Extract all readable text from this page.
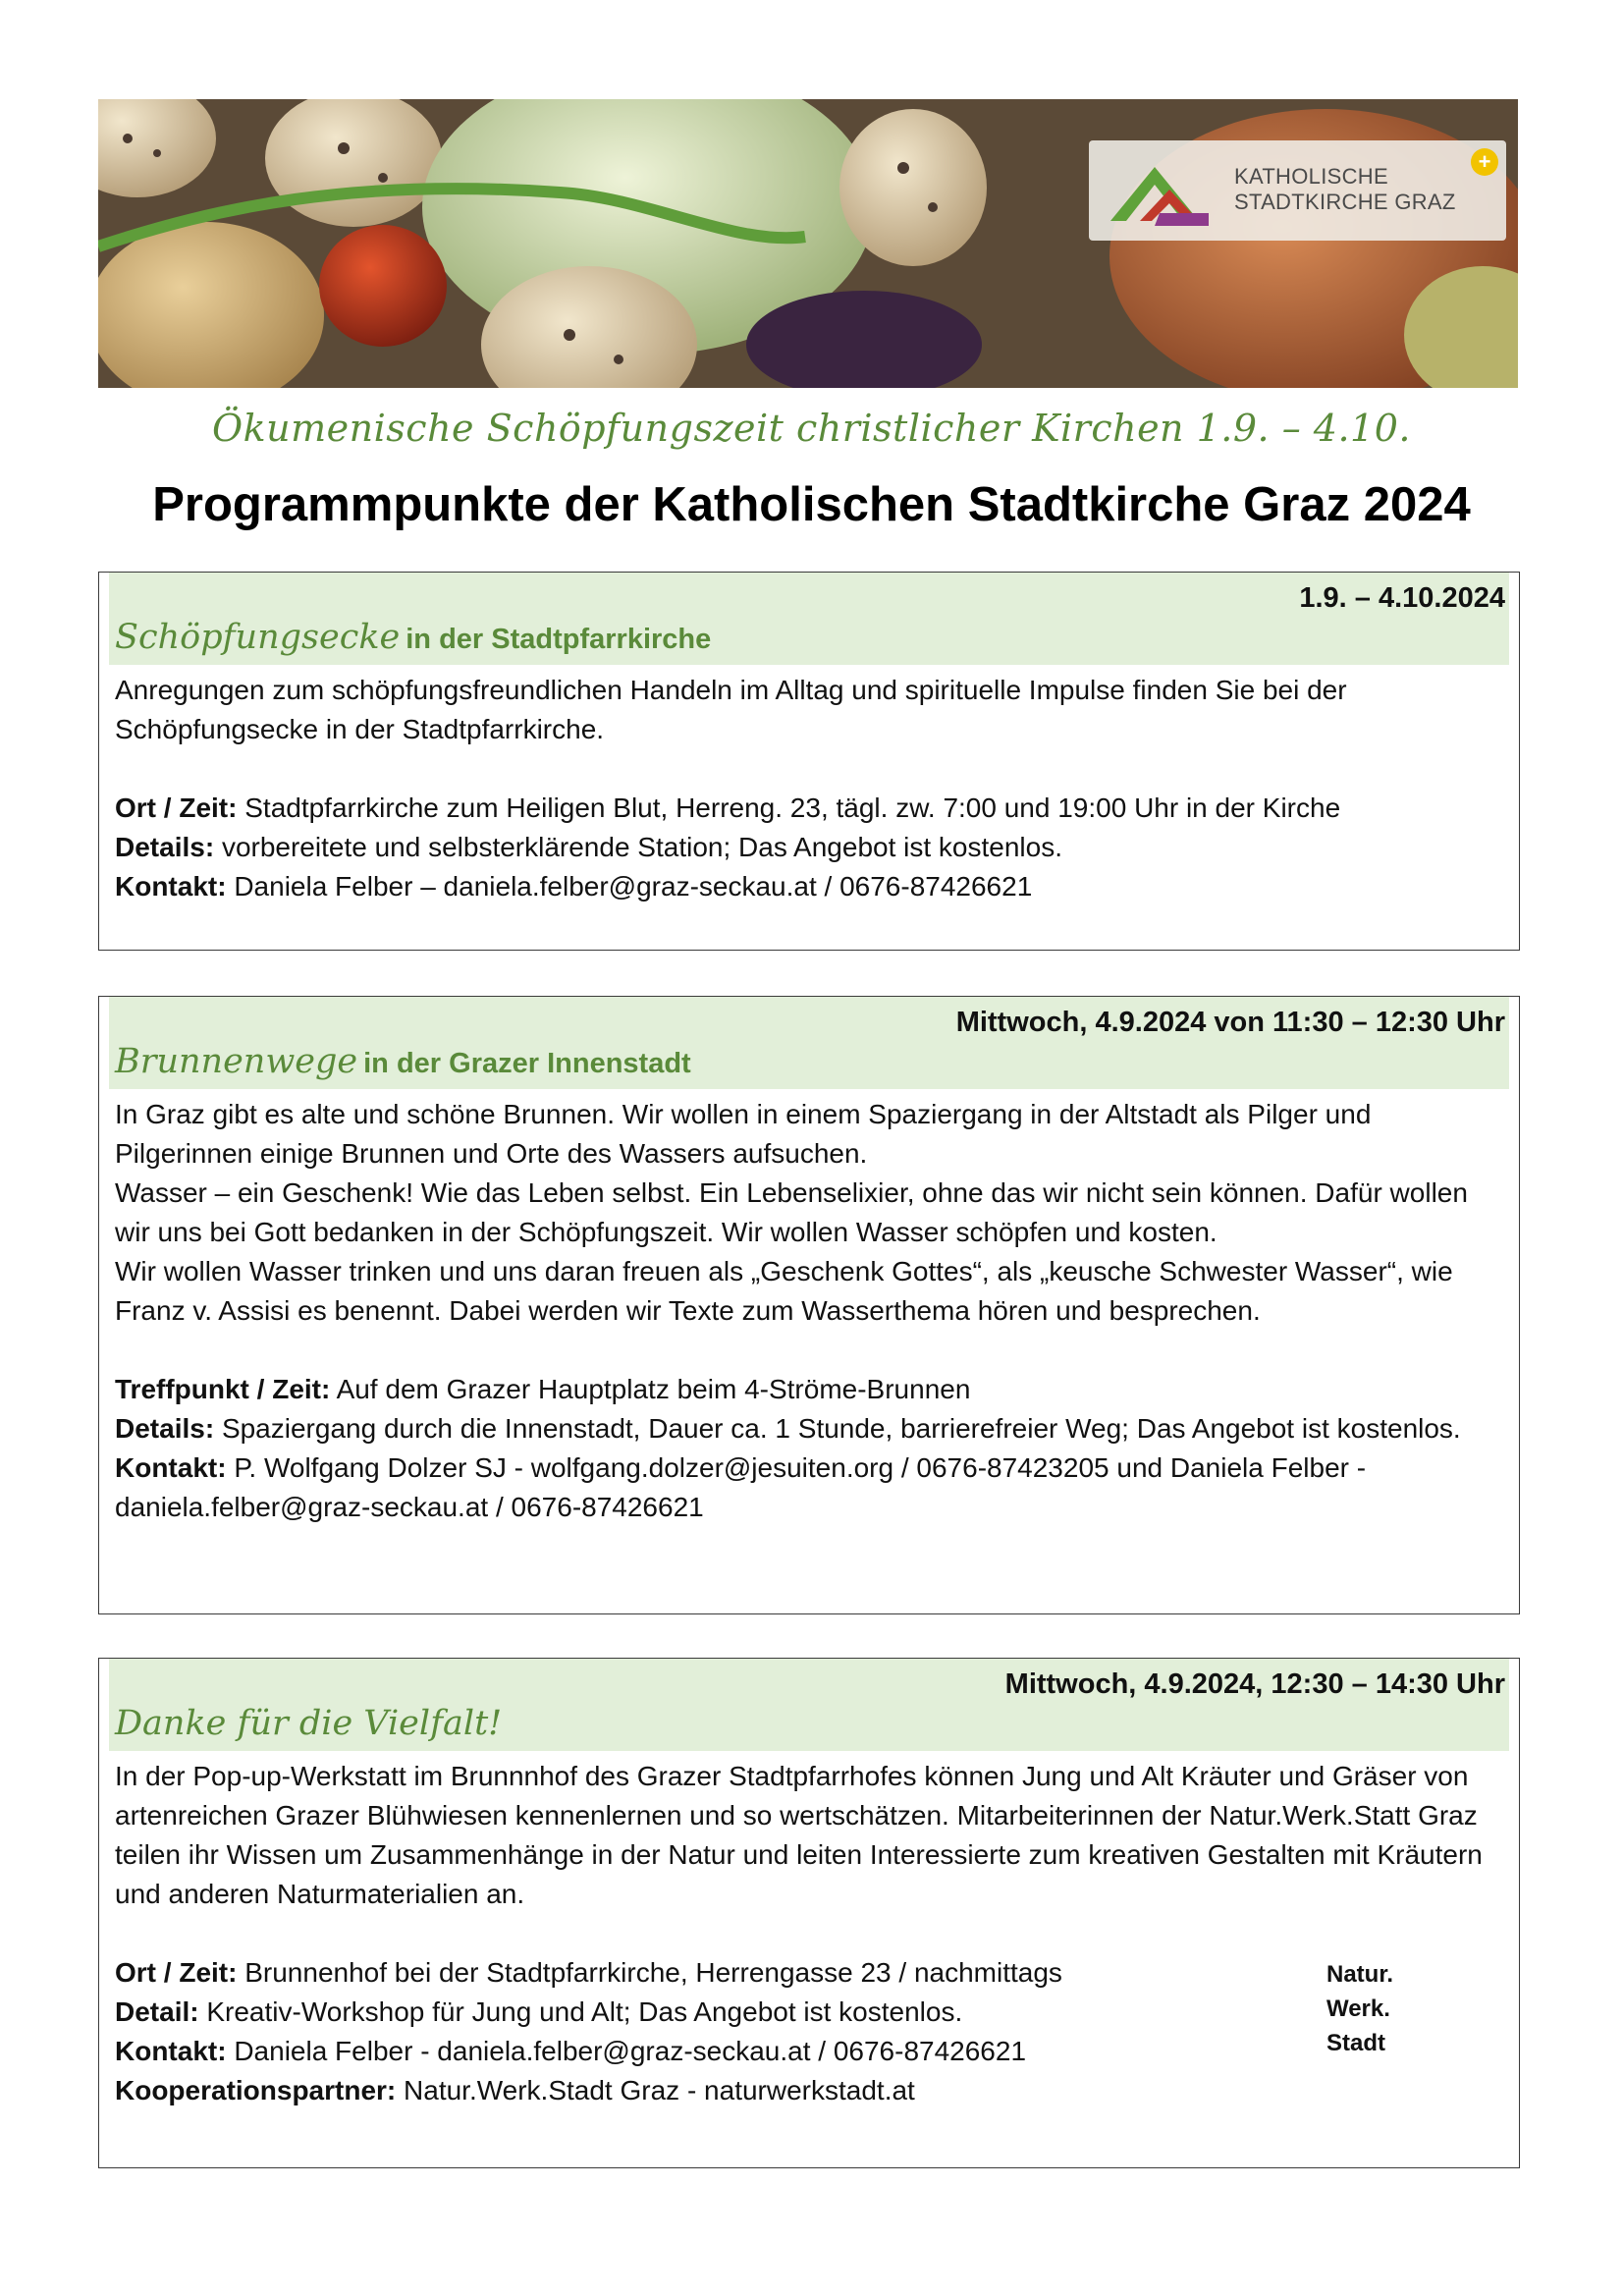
KATHOLISCHE
STADTKIRCHE GRAZ
+
Ökumenische Schöpfungszeit christlicher Kirchen 1.9. – 4.10.
Programmpunkte der Katholischen Stadtkirche Graz 2024
1.9. – 4.10.2024
Schöpfungsecke in der Stadtpfarrkirche

Anregungen zum schöpfungsfreundlichen Handeln im Alltag und spirituelle Impulse finden Sie bei der Schöpfungsecke in der Stadtpfarrkirche.

Ort / Zeit: Stadtpfarrkirche zum Heiligen Blut, Herreng. 23, tägl. zw. 7:00 und 19:00 Uhr in der Kirche

Details: vorbereitete und selbsterklärende Station; Das Angebot ist kostenlos.

Kontakt: Daniela Felber – daniela.felber@graz-seckau.at / 0676-87426621

Mittwoch, 4.9.2024 von 11:30 – 12:30 Uhr
Brunnenwege in der Grazer Innenstadt

In Graz gibt es alte und schöne Brunnen. Wir wollen in einem Spaziergang in der Altstadt als Pilger und Pilgerinnen einige Brunnen und Orte des Wassers aufsuchen.

Wasser – ein Geschenk! Wie das Leben selbst. Ein Lebenselixier, ohne das wir nicht sein können. Dafür wollen wir uns bei Gott bedanken in der Schöpfungszeit. Wir wollen Wasser schöpfen und kosten.

Wir wollen Wasser trinken und uns daran freuen als „Geschenk Gottes“, als „keusche Schwester Wasser“, wie Franz v. Assisi es benennt. Dabei werden wir Texte zum Wasserthema hören und besprechen.

Treffpunkt / Zeit: Auf dem Grazer Hauptplatz beim 4-Ströme-Brunnen

Details: Spaziergang durch die Innenstadt, Dauer ca. 1 Stunde, barrierefreier Weg; Das Angebot ist kostenlos.

Kontakt: P. Wolfgang Dolzer SJ - wolfgang.dolzer@jesuiten.org / 0676-87423205 und Daniela Felber - daniela.felber@graz-seckau.at / 0676-87426621

Mittwoch, 4.9.2024, 12:30 – 14:30 Uhr
Danke für die Vielfalt!

In der Pop-up-Werkstatt im Brunnnhof des Grazer Stadtpfarrhofes können Jung und Alt Kräuter und Gräser von artenreichen Grazer Blühwiesen kennenlernen und so wertschätzen. Mitarbeiterinnen der Natur.Werk.Statt Graz teilen ihr Wissen um Zusammenhänge in der Natur und leiten Interessierte zum kreativen Gestalten mit Kräutern und anderen Naturmaterialien an.

Ort / Zeit: Brunnenhof bei der Stadtpfarrkirche, Herrengasse 23 / nachmittags

Detail: Kreativ-Workshop für Jung und Alt; Das Angebot ist kostenlos.

Kontakt: Daniela Felber - daniela.felber@graz-seckau.at / 0676-87426621

Kooperationspartner: Natur.Werk.Stadt Graz - naturwerkstadt.at

Natur.
Werk.
Stadt
